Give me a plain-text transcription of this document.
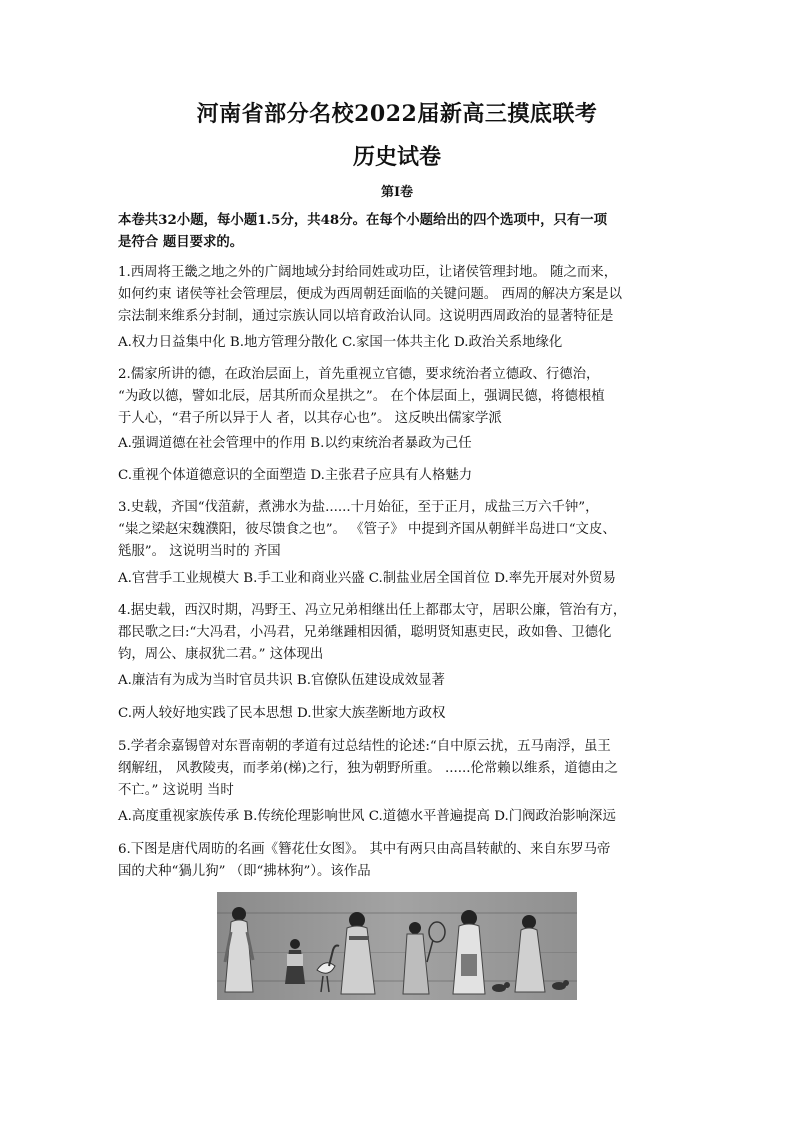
河南省部分名校2022届新高三摸底联考
历史试卷
第I卷
本卷共32小题，每小题1.5分，共48分。在每个小题给出的四个选项中，只有一项
是符合 题目要求的。
1.西周将王畿之地之外的广阔地域分封给同姓或功臣，让诸侯管理封地。 随之而来，
如何约束 诸侯等社会管理层，便成为西周朝廷面临的关键问题。 西周的解决方案是以
宗法制来维系分封制，通过宗族认同以培育政治认同。这说明西周政治的显著特征是
A.权力日益集中化 B.地方管理分散化 C.家国一体共主化 D.政治关系地缘化
2.儒家所讲的德，在政治层面上，首先重视立官德，要求统治者立德政、行德治，
“为政以德，譬如北辰，居其所而众星拱之”。 在个体层面上，强调民德，将德根植
于人心，“君子所以异于人 者，以其存心也”。 这反映出儒家学派
A.强调道德在社会管理中的作用 B.以约束统治者暴政为己任
C.重视个体道德意识的全面塑造 D.主张君子应具有人格魅力
3.史载，齐国“伐菹薪，煮沸水为盐......十月始征，至于正月，成盐三万六千钟”，
“粜之梁赵宋魏濮阳，彼尽馈食之也”。 《管子》 中提到齐国从朝鲜半岛进口“文皮、
毤服”。 这说明当时的 齐国
A.官营手工业规模大 B.手工业和商业兴盛 C.制盐业居全国首位 D.率先开展对外贸易
4.据史载，西汉时期，冯野王、冯立兄弟相继出任上都郡太守，居职公廉，管治有方，
郡民歌之曰:“大冯君，小冯君，兄弟继踵相因循，聪明贤知惠吏民，政如鲁、卫德化
钧，周公、康叔犹二君。” 这体现出
A.廉洁有为成为当时官员共识 B.官僚队伍建设成效显著
C.两人较好地实践了民本思想 D.世家大族垄断地方政权
5.学者余嘉锡曾对东晋南朝的孝道有过总结性的论述:“自中原云扰，五马南浮，虽王
纲解纽， 风教陵夷，而孝弟(梯)之行，独为朝野所重。 ......伦常赖以维系，道德由之
不亡。” 这说明 当时
A.高度重视家族传承 B.传统伦理影响世风 C.道德水平普遍提高 D.门阀政治影响深远
6.下图是唐代周昉的名画《簪花仕女图》。 其中有两只由高昌转献的、来自东罗马帝
国的犬种“猧儿狗” （即“拂林狗”）。该作品
